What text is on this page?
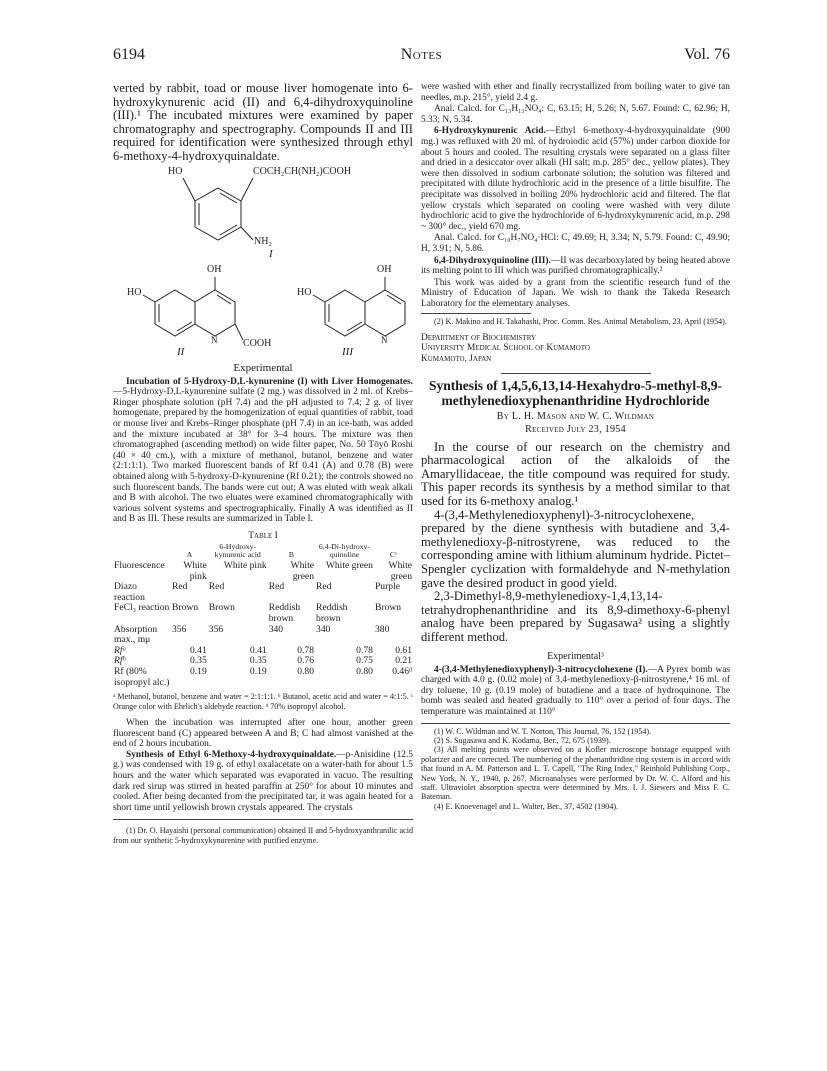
6194	Notes	Vol. 76

verted by rabbit, toad or mouse liver homogenate into 6-hydroxykynurenic acid (II) and 6,4-dihydroxyquinoline (III).¹ The incubated mixtures were examined by paper chromatography and spectrography. Compounds II and III required for identification were synthesized through ethyl 6-methoxy-4-hydroxyquinaldate.

HO	COCH₂CH(NH₂)COOH
NH₂
I
OH
HO
N	COOH
II
OH
HO
N
III
Experimental

Incubation of 5-Hydroxy-D,L-kynurenine (I) with Liver Homogenates.—5-Hydroxy-D,L-kynurenine sulfate (2 mg.) was dissolved in 2 ml. of Krebs–Ringer phosphate solution (pH 7.4) and the pH adjusted to 7.4; 2 g. of liver homogenate, prepared by the homogenization of equal quantities of rabbit, toad or mouse liver and Krebs–Ringer phosphate (pH 7.4) in an ice-bath, was added and the mixture incubated at 38° for 3–4 hours. The mixture was then chromatographed (ascending method) on wide filter paper, No. 50 Tōyō Roshi (40 × 40 cm.), with a mixture of methanol, butanol, benzene and water (2:1:1:1). Two marked fluorescent bands of Rf 0.41 (A) and 0.78 (B) were obtained along with 5-hydroxy-D-kynurenine (Rf 0.21); the controls showed no such fluorescent bands. The bands were cut out; A was eluted with weak alkali and B with alcohol. The two eluates were examined chromatographically with various solvent systems and spectrographically. Finally A was identified as II and B as III. These results are summarized in Table I.

Table I
	A	6-Hydroxy-kynurenic acid	B	6,4-Di-hydroxy-quinoline	Cᶜ
Fluorescence	White pink	White pink	White green	White green	White green
Diazo reaction	Red	Red	Red	Red	Purple
FeCl₃ reaction	Brown	Brown	Reddish brown	Reddish brown	Brown
Absorption max., mμ	356	356	340	340	380
Rfᵃ	0.41	0.41	0.78	0.78	0.61
Rfᵇ	0.35	0.35	0.76	0.75	0.21
Rf (80% isopropyl alc.)	0.19	0.19	0.80	0.80	0.46ᵈ

ᵃ Methanol, butanol, benzene and water = 2:1:1:1. ᵇ Butanol, acetic acid and water = 4:1:5. ᶜ Orange color with Ehrlich's aldehyde reaction. ᵈ 70% isopropyl alcohol.

When the incubation was interrupted after one hour, another green fluorescent band (C) appeared between A and B; C had almost vanished at the end of 2 hours incubation.

Synthesis of Ethyl 6-Methoxy-4-hydroxyquinaldate.—p-Anisidine (12.5 g.) was condensed with 19 g. of ethyl oxalacetate on a water-bath for about 1.5 hours and the water which separated was evaporated in vacuo. The resulting dark red sirup was stirred in heated paraffin at 250° for about 10 minutes and cooled. After being decanted from the precipitated tar, it was again heated for a short time until yellowish brown crystals appeared. The crystals

(1) Dr. O. Hayaishi (personal communication) obtained II and 5-hydroxyanthranilic acid from our synthetic 5-hydroxykynurenine with purified enzyme.

were washed with ether and finally recrystallized from boiling water to give tan needles, m.p. 215°, yield 2.4 g.

Anal. Calcd. for C₁₃H₁₃NO₄: C, 63.15; H, 5.26; N, 5.67. Found: C, 62.96; H, 5.33; N, 5.34.

6-Hydroxykynurenic Acid.—Ethyl 6-methoxy-4-hydroxyquinaldate (900 mg.) was refluxed with 20 ml. of hydroiodic acid (57%) under carbon dioxide for about 5 hours and cooled. The resulting crystals were separated on a glass filter and dried in a desiccator over alkali (HI salt; m.p. 285° dec., yellow plates). They were then dissolved in sodium carbonate solution; the solution was filtered and precipitated with dilute hydrochloric acid in the presence of a little bisulfite. The precipitate was dissolved in boiling 20% hydrochloric acid and filtered. The flat yellow crystals which separated on cooling were washed with very dilute hydrochloric acid to give the hydrochloride of 6-hydroxykynurenic acid, m.p. 298 ~ 300° dec., yield 670 mg.

Anal. Calcd. for C₁₀H₇NO₄·HCl: C, 49.69; H, 3.34; N, 5.79. Found: C, 49.90; H, 3.91; N, 5.86.

6,4-Dihydroxyquinoline (III).—II was decarboxylated by being heated above its melting point to III which was purified chromatographically.²

This work was aided by a grant from the scientific research fund of the Ministry of Education of Japan. We wish to thank the Takeda Research Laboratory for the elementary analyses.

(2) K. Makino and H. Takahashi, Proc. Comm. Res. Animal Metabolism, 23, April (1954).

Department of Biochemistry
University Medical School of Kumamoto
Kumamoto, Japan
Synthesis of 1,4,5,6,13,14-Hexahydro-5-methyl-8,9-methylenedioxyphenanthridine Hydrochloride
By L. H. Mason and W. C. Wildman
Received July 23, 1954

In the course of our research on the chemistry and pharmacological action of the alkaloids of the Amaryllidaceae, the title compound was required for study. This paper records its synthesis by a method similar to that used for its 6-methoxy analog.¹

4-(3,4-Methylenedioxyphenyl)-3-nitrocyclohexene, prepared by the diene synthesis with butadiene and 3,4-methylenedioxy-β-nitrostyrene, was reduced to the corresponding amine with lithium aluminum hydride. Pictet–Spengler cyclization with formaldehyde and N-methylation gave the desired product in good yield.

2,3-Dimethyl-8,9-methylenedioxy-1,4,13,14-tetrahydrophenanthridine and its 8,9-dimethoxy-6-phenyl analog have been prepared by Sugasawa² using a slightly different method.

Experimental³

4-(3,4-Methylenedioxyphenyl)-3-nitrocyclohexene (I).—A Pyrex bomb was charged with 4.0 g. (0.02 mole) of 3,4-methylenedioxy-β-nitrostyrene,⁴ 16 ml. of dry toluene, 10 g. (0.19 mole) of butadiene and a trace of hydroquinone. The bomb was sealed and heated gradually to 110° over a period of four days. The temperature was maintained at 110°

(1) W. C. Wildman and W. T. Norton, This Journal, 76, 152 (1954).

(2) S. Sugasawa and K. Kodama, Ber., 72, 675 (1939).

(3) All melting points were observed on a Kofler microscope hotstage equipped with polarizer and are corrected. The numbering of the phenanthridine ring system is in accord with that found in A. M. Patterson and L. T. Capell, "The Ring Index," Reinhold Publishing Corp., New York, N. Y., 1940, p. 267. Microanalyses were performed by Dr. W. C. Alford and his staff. Ultraviolet absorption spectra were determined by Mrs. I. J. Siewers and Miss F. C. Bateman.

(4) E. Knoevenagel and L. Walter, Ber., 37, 4502 (1904).
